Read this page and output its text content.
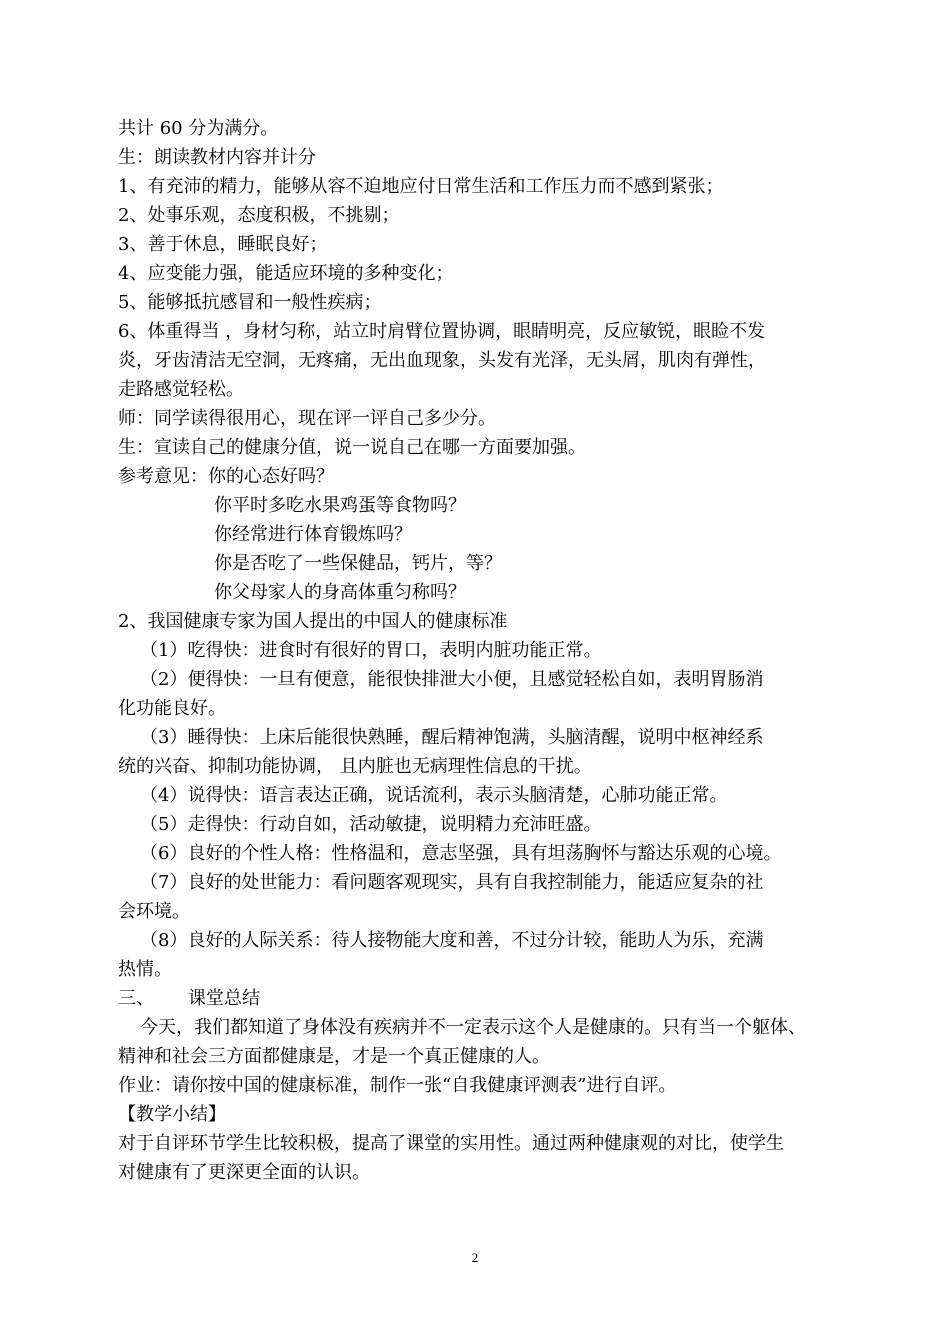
共计 60 分为满分。
生：朗读教材内容并计分
1、有充沛的精力，能够从容不迫地应付日常生活和工作压力而不感到紧张；
2、处事乐观，态度积极，不挑剔；
3、善于休息，睡眠良好；
4、应变能力强，能适应环境的多种变化；
5、能够抵抗感冒和一般性疾病；
6、体重得当 ，身材匀称，站立时肩臂位置协调，眼睛明亮，反应敏锐，眼睑不发
炎，牙齿清洁无空洞，无疼痛，无出血现象，头发有光泽，无头屑，肌肉有弹性，
走路感觉轻松。
师：同学读得很用心，现在评一评自己多少分。
生：宣读自己的健康分值，说一说自己在哪一方面要加强。
参考意见：你的心态好吗？
你平时多吃水果鸡蛋等食物吗？
你经常进行体育锻炼吗？
你是否吃了一些保健品，钙片，等？
你父母家人的身高体重匀称吗？
2、我国健康专家为国人提出的中国人的健康标准
（1）吃得快：进食时有很好的胃口，表明内脏功能正常。
（2）便得快：一旦有便意，能很快排泄大小便，且感觉轻松自如，表明胃肠消
化功能良好。
（3）睡得快：上床后能很快熟睡，醒后精神饱满，头脑清醒，说明中枢神经系
统的兴奋、抑制功能协调， 且内脏也无病理性信息的干扰。
（4）说得快：语言表达正确，说话流利，表示头脑清楚，心肺功能正常。
（5）走得快：行动自如，活动敏捷，说明精力充沛旺盛。
（6）良好的个性人格：性格温和，意志坚强，具有坦荡胸怀与豁达乐观的心境。
（7）良好的处世能力：看问题客观现实，具有自我控制能力，能适应复杂的社
会环境。
（8）良好的人际关系：待人接物能大度和善，不过分计较，能助人为乐，充满
热情。
三、 课堂总结
今天，我们都知道了身体没有疾病并不一定表示这个人是健康的。只有当一个躯体、
精神和社会三方面都健康是，才是一个真正健康的人。
作业：请你按中国的健康标准，制作一张“自我健康评测表”进行自评。
【教学小结】
对于自评环节学生比较积极，提高了课堂的实用性。通过两种健康观的对比，使学生
对健康有了更深更全面的认识。
2
